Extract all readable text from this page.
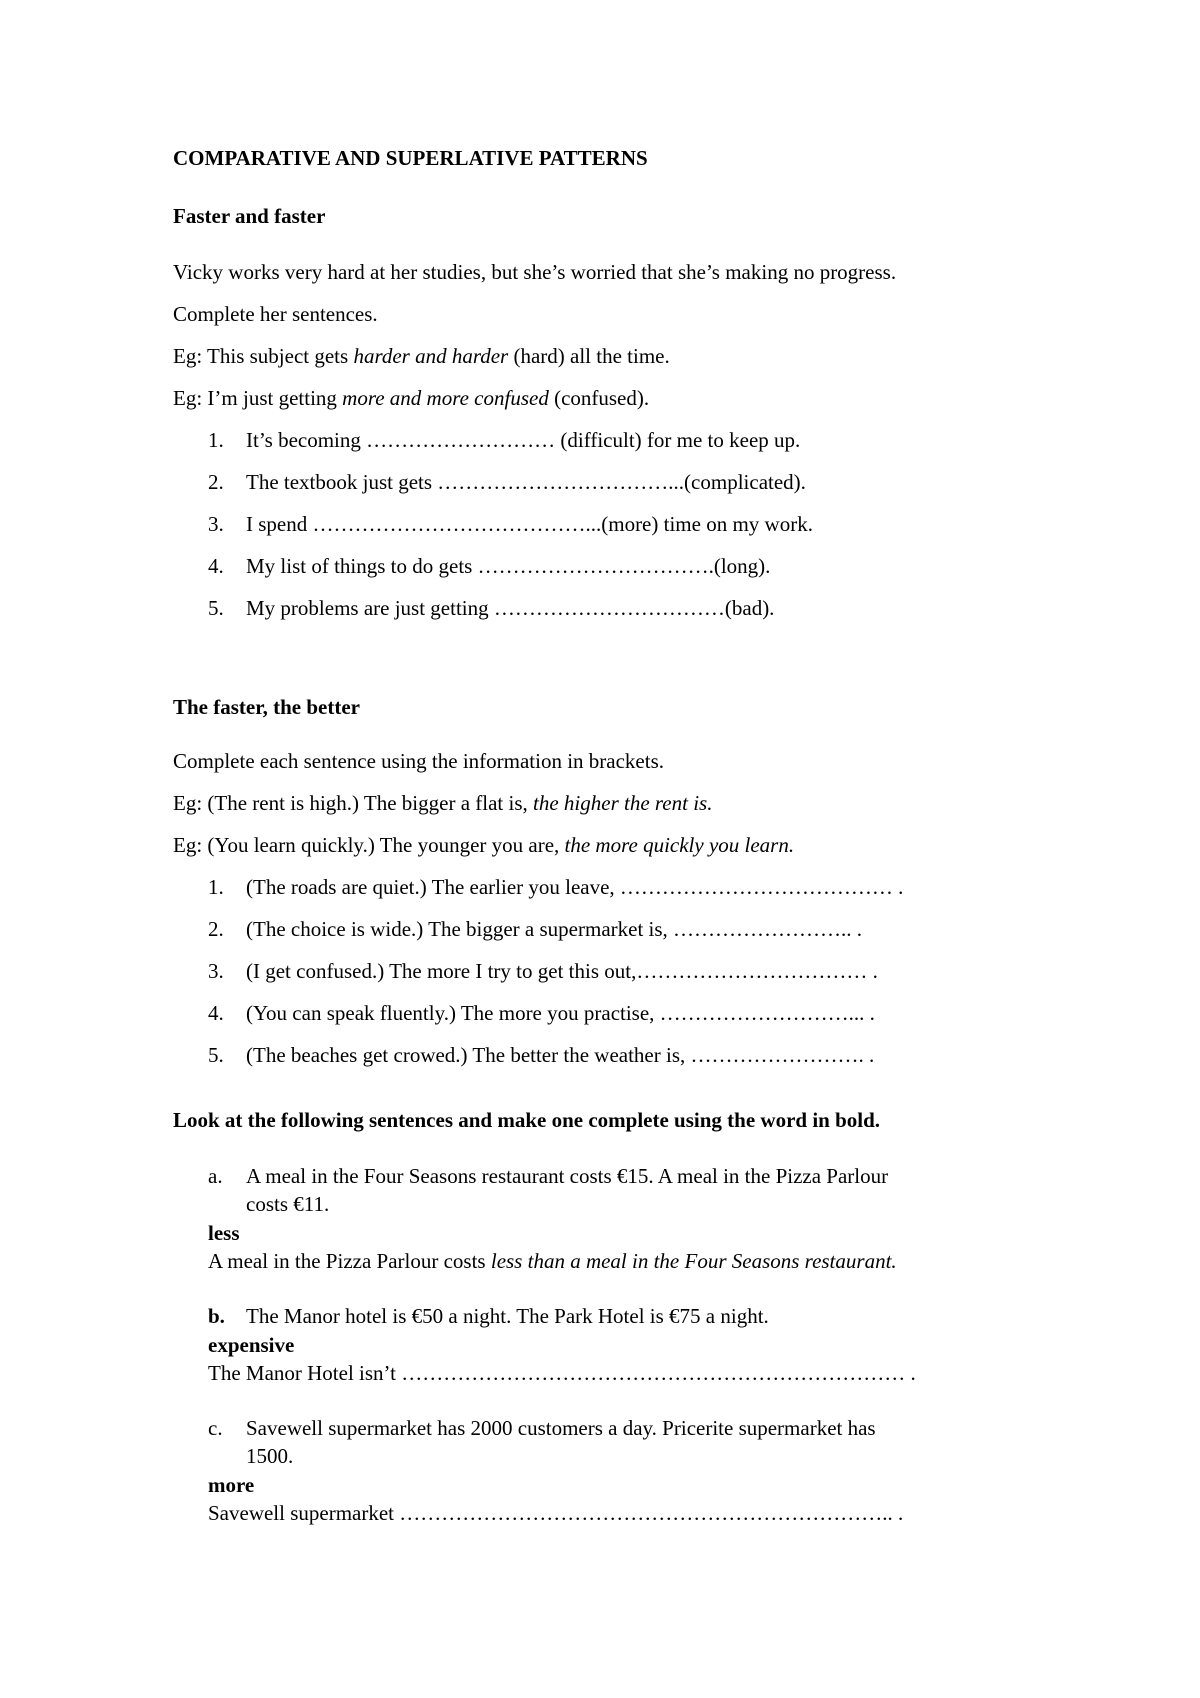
COMPARATIVE AND SUPERLATIVE PATTERNS
Faster and faster
Vicky works very hard at her studies, but she’s worried that she’s making no progress.
Complete her sentences.
Eg: This subject gets harder and harder (hard) all the time.
Eg: I’m just getting more and more confused (confused).
1. It’s becoming ……………………… (difficult) for me to keep up.
2. The textbook just gets ……………………………...(complicated).
3. I spend …………………………………...(more) time on my work.
4. My list of things to do gets …………………………….(long).
5. My problems are just getting ……………………………(bad).
The faster, the better
Complete each sentence using the information in brackets.
Eg: (The rent is high.) The bigger a flat is, the higher the rent is.
Eg: (You learn quickly.) The younger you are, the more quickly you learn.
1. (The roads are quiet.) The earlier you leave, ………………………………… .
2. (The choice is wide.) The bigger a supermarket is, …………………….. .
3. (I get confused.) The more I try to get this out,…………………………… .
4. (You can speak fluently.) The more you practise, ………………………... .
5. (The beaches get crowed.) The better the weather is, ……………………. .
Look at the following sentences and make one complete using the word in bold.
a. A meal in the Four Seasons restaurant costs €15. A meal in the Pizza Parlour
costs €11.
less
A meal in the Pizza Parlour costs less than a meal in the Four Seasons restaurant.
b. The Manor hotel is €50 a night. The Park Hotel is €75 a night.
expensive
The Manor Hotel isn’t ……………………………………………………………… .
c. Savewell supermarket has 2000 customers a day. Pricerite supermarket has
1500.
more
Savewell supermarket …………………………………………………………….. .
